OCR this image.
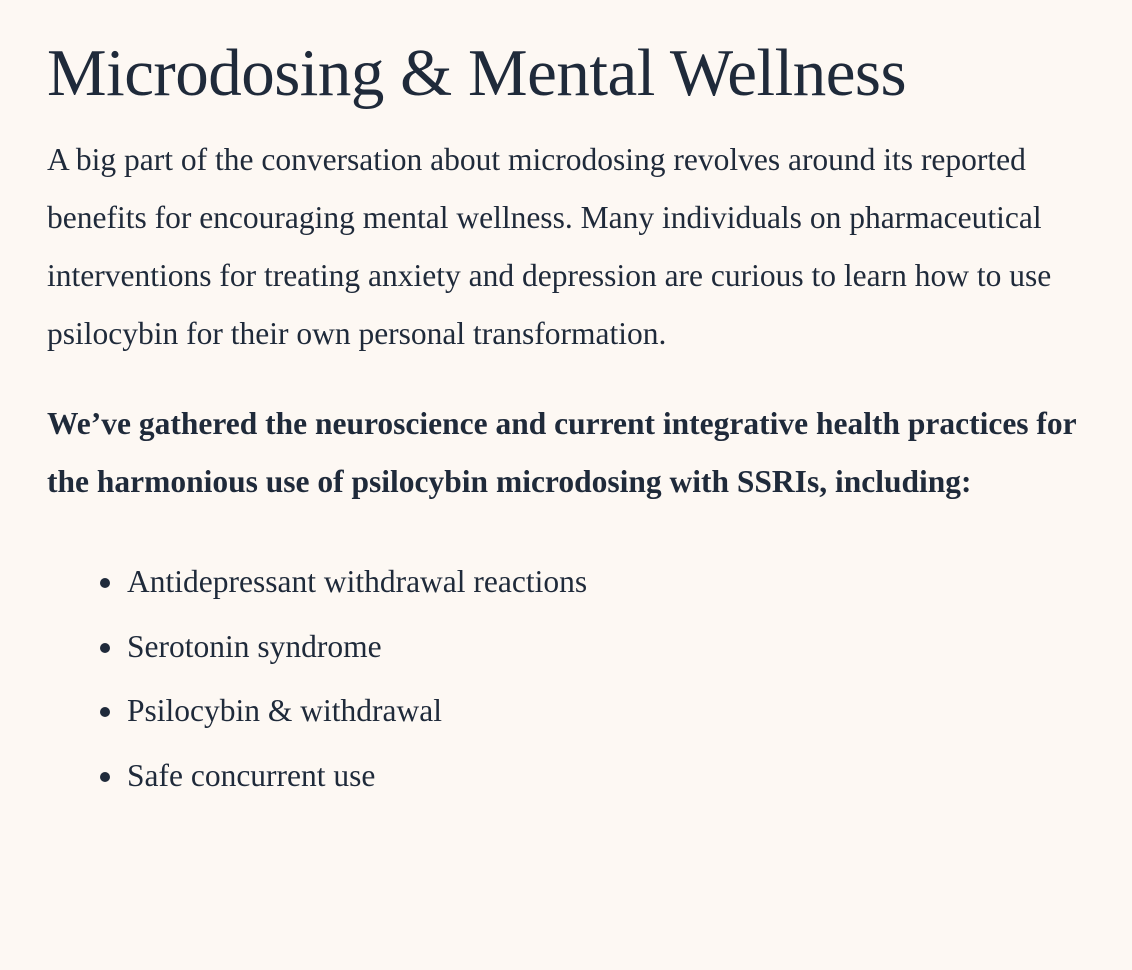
Microdosing & Mental Wellness

A big part of the conversation about microdosing revolves around its reported benefits for encouraging mental wellness. Many individuals on pharmaceutical interventions for treating anxiety and depression are curious to learn how to use psilocybin for their own personal transformation.

We’ve gathered the neuroscience and current integrative health practices for the harmonious use of psilocybin microdosing with SSRIs, including:

Antidepressant withdrawal reactions
Serotonin syndrome
Psilocybin & withdrawal
Safe concurrent use
